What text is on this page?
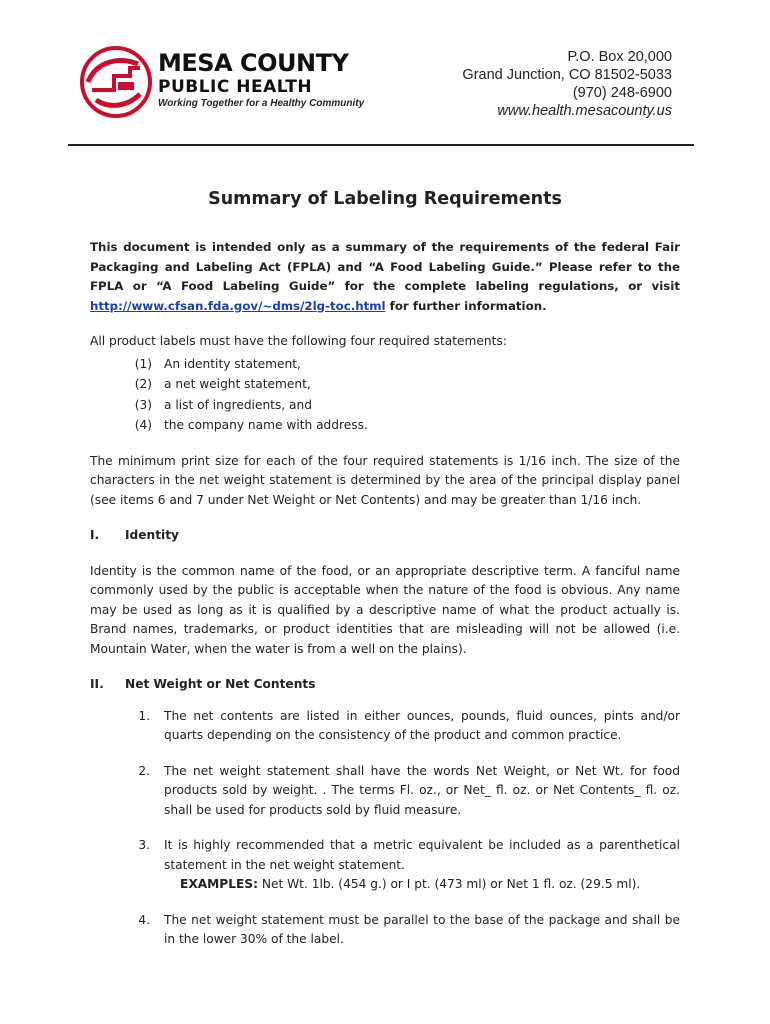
MESA COUNTY
PUBLIC HEALTH
Working Together for a Healthy Community
P.O. Box 20,000
Grand Junction, CO 81502-5033
(970) 248-6900
www.health.mesacounty.us
Summary of Labeling Requirements

This document is intended only as a summary of the requirements of the federal Fair Packaging and Labeling Act (FPLA) and “A Food Labeling Guide.” Please refer to the FPLA or “A Food Labeling Guide” for the complete labeling regulations, or visit http://www.cfsan.fda.gov/~dms/2lg-toc.html for further information.

All product labels must have the following four required statements:

(1) An identity statement,
(2) a net weight statement,
(3) a list of ingredients, and
(4) the company name with address.

The minimum print size for each of the four required statements is 1/16 inch. The size of the characters in the net weight statement is determined by the area of the principal display panel (see items 6 and 7 under Net Weight or Net Contents) and may be greater than 1/16 inch.

I.	Identity

Identity is the common name of the food, or an appropriate descriptive term. A fanciful name commonly used by the public is acceptable when the nature of the food is obvious. Any name may be used as long as it is qualified by a descriptive name of what the product actually is. Brand names, trademarks, or product identities that are misleading will not be allowed (i.e. Mountain Water, when the water is from a well on the plains).

II.	Net Weight or Net Contents
1.	The net contents are listed in either ounces, pounds, fluid ounces, pints and/or quarts depending on the consistency of the product and common practice.
2.	The net weight statement shall have the words Net Weight, or Net Wt. for food products sold by weight. . The terms Fl. oz., or Net_ fl. oz. or Net Contents_ fl. oz. shall be used for products sold by fluid measure.
3.	It is highly recommended that a metric equivalent be included as a parenthetical statement in the net weight statement.
EXAMPLES: Net Wt. 1lb. (454 g.) or I pt. (473 ml) or Net 1 fl. oz. (29.5 ml).
4.	The net weight statement must be parallel to the base of the package and shall be in the lower 30% of the label.
